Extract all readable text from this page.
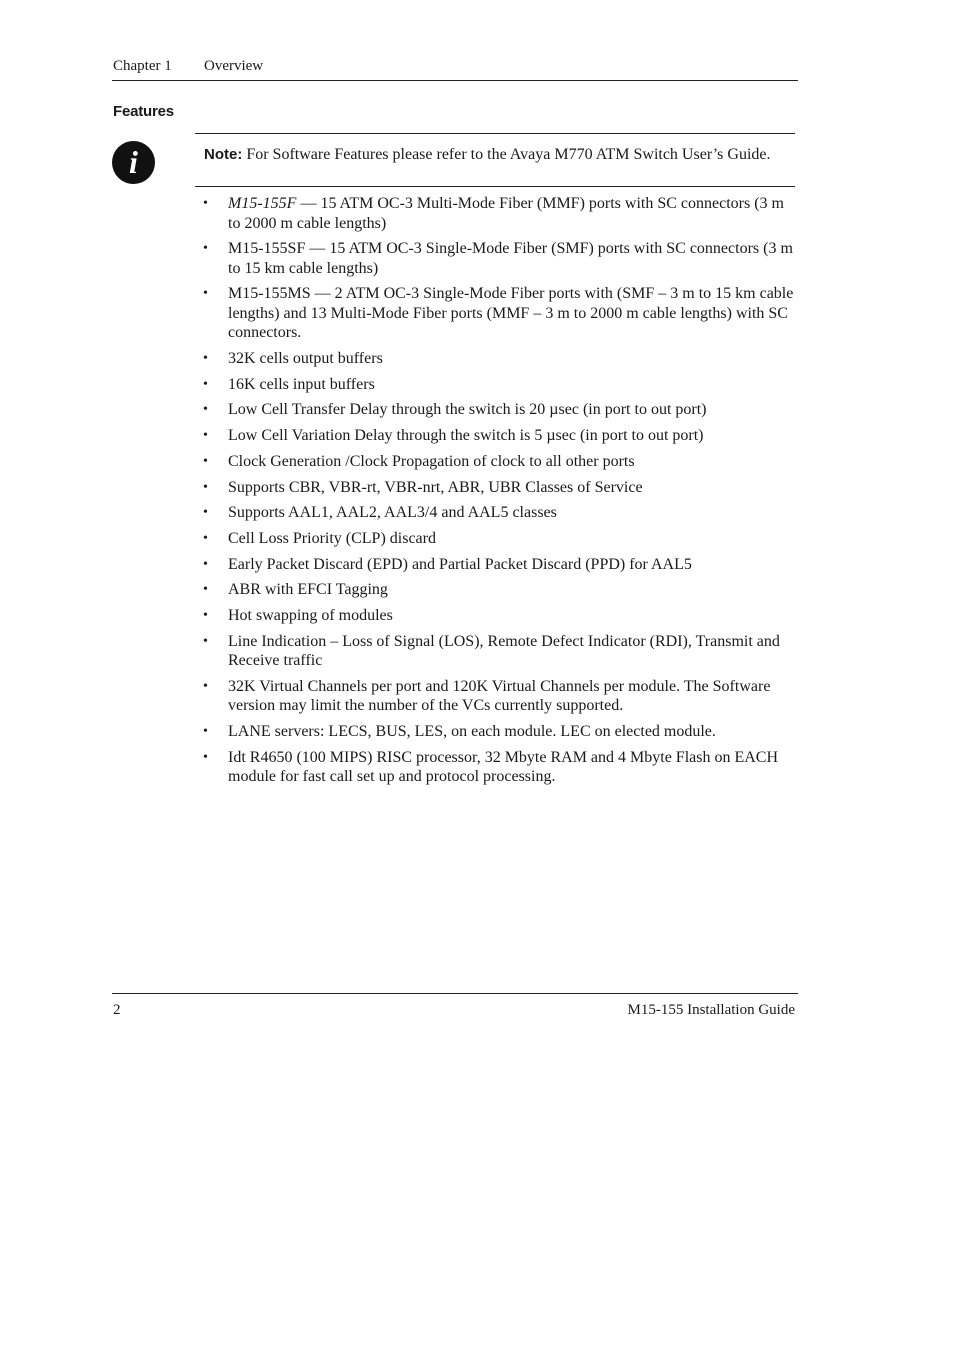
Chapter 1 Overview
Features
i	Note: For Software Features please refer to the Avaya M770 ATM Switch User’s Guide.
• M15-155F — 15 ATM OC-3 Multi-Mode Fiber (MMF) ports with SC connectors (3 m to 2000 m cable lengths)
• M15-155SF — 15 ATM OC-3 Single-Mode Fiber (SMF) ports with SC connectors (3 m to 15 km cable lengths)
• M15-155MS — 2 ATM OC-3 Single-Mode Fiber ports with (SMF – 3 m to 15 km cable lengths) and 13 Multi-Mode Fiber ports (MMF – 3 m to 2000 m cable lengths) with SC connectors.
• 32K cells output buffers
• 16K cells input buffers
• Low Cell Transfer Delay through the switch is 20 µsec (in port to out port)
• Low Cell Variation Delay through the switch is 5 µsec (in port to out port)
• Clock Generation /Clock Propagation of clock to all other ports
• Supports CBR, VBR-rt, VBR-nrt, ABR, UBR Classes of Service
• Supports AAL1, AAL2, AAL3/4 and AAL5 classes
• Cell Loss Priority (CLP) discard
• Early Packet Discard (EPD) and Partial Packet Discard (PPD) for AAL5
• ABR with EFCI Tagging
• Hot swapping of modules
• Line Indication – Loss of Signal (LOS), Remote Defect Indicator (RDI), Transmit and Receive traffic
• 32K Virtual Channels per port and 120K Virtual Channels per module. The Software version may limit the number of the VCs currently supported.
• LANE servers: LECS, BUS, LES, on each module. LEC on elected module.
• Idt R4650 (100 MIPS) RISC processor, 32 Mbyte RAM and 4 Mbyte Flash on EACH module for fast call set up and protocol processing.
2	M15-155 Installation Guide
